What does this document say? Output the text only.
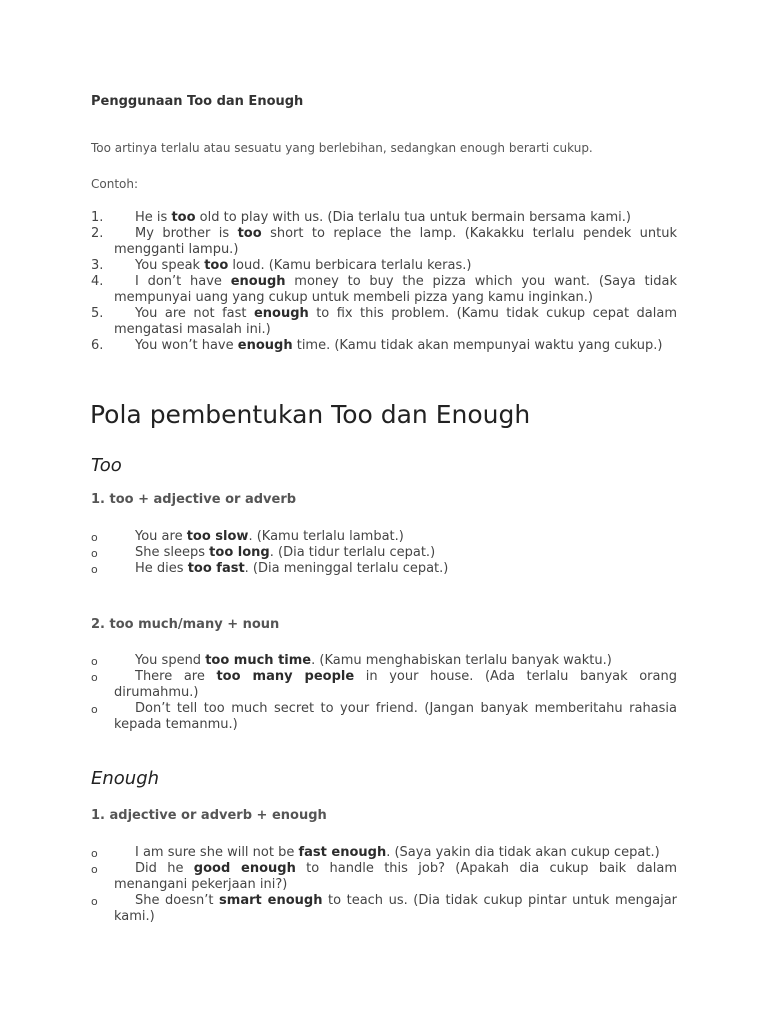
Penggunaan Too dan Enough

Too artinya terlalu atau sesuatu yang berlebihan, sedangkan enough berarti cukup.

Contoh:

1.	He is too old to play with us. (Dia terlalu tua untuk bermain bersama kami.)
2.	My brother is too short to replace the lamp. (Kakakku terlalu pendek untuk mengganti lampu.)
3.	You speak too loud. (Kamu berbicara terlalu keras.)
4.	I don’t have enough money to buy the pizza which you want. (Saya tidak mempunyai uang yang cukup untuk membeli pizza yang kamu inginkan.)
5.	You are not fast enough to fix this problem. (Kamu tidak cukup cepat dalam mengatasi masalah ini.)
6.	You won’t have enough time. (Kamu tidak akan mempunyai waktu yang cukup.)
Pola pembentukan Too dan Enough
Too

1. too + adjective or adverb

o	You are too slow. (Kamu terlalu lambat.)
o	She sleeps too long. (Dia tidur terlalu cepat.)
o	He dies too fast. (Dia meninggal terlalu cepat.)

2. too much/many + noun

o	You spend too much time. (Kamu menghabiskan terlalu banyak waktu.)
o	There are too many people in your house. (Ada terlalu banyak orang dirumahmu.)
o	Don’t tell too much secret to your friend. (Jangan banyak memberitahu rahasia kepada temanmu.)
Enough

1. adjective or adverb + enough

o	I am sure she will not be fast enough. (Saya yakin dia tidak akan cukup cepat.)
o	Did he good enough to handle this job? (Apakah dia cukup baik dalam menangani pekerjaan ini?)
o	She doesn’t smart enough to teach us. (Dia tidak cukup pintar untuk mengajar kami.)
